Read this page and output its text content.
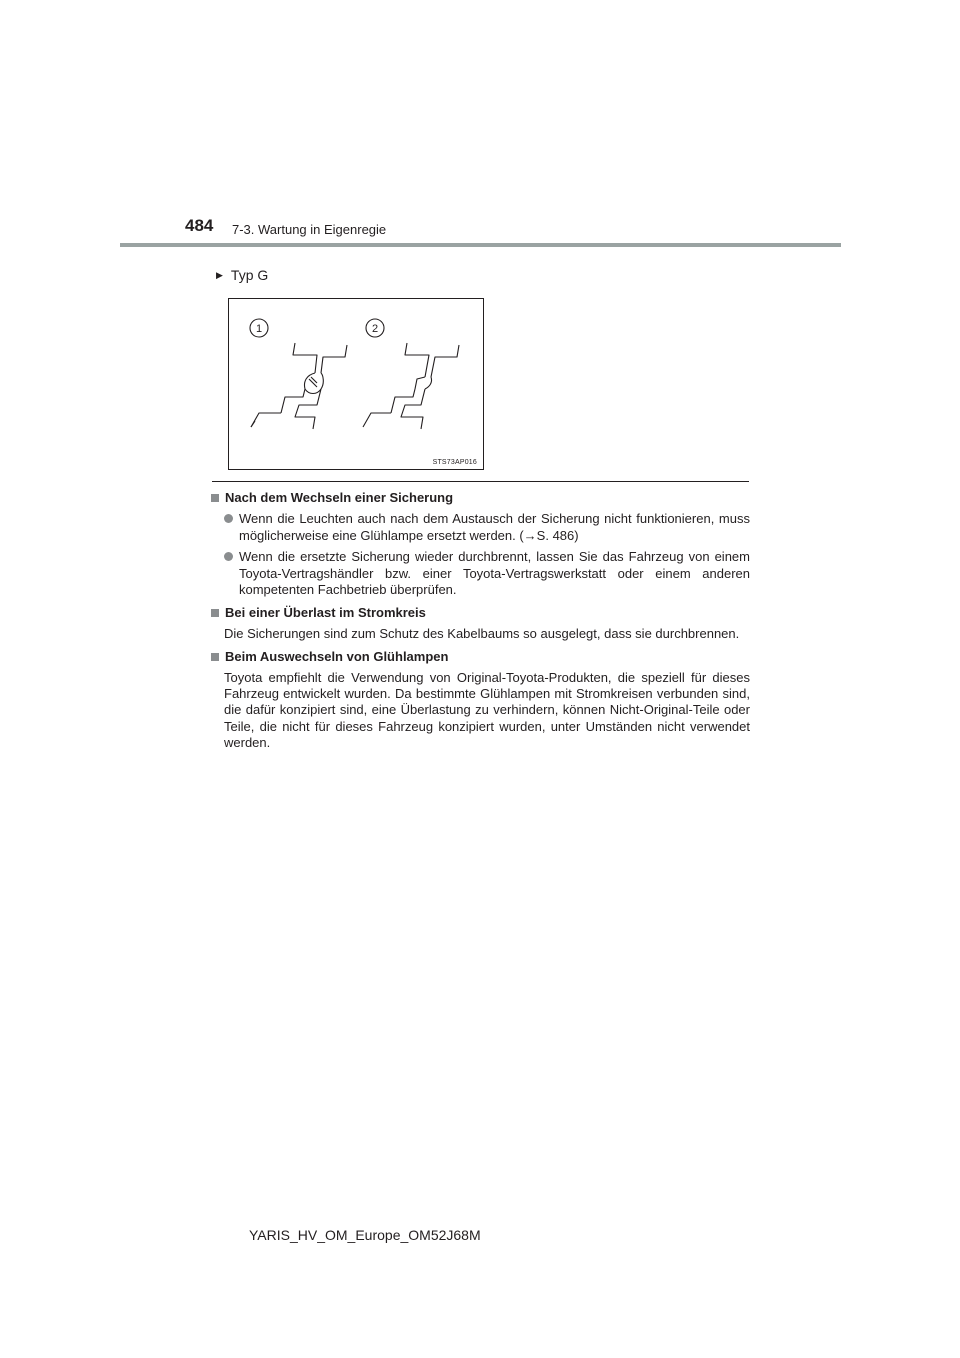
484 7-3. Wartung in Eigenregie
▶ Typ G
1	2
STS73AP016
Nach dem Wechseln einer Sicherung
Wenn die Leuchten auch nach dem Austausch der Sicherung nicht funktionieren, muss möglicherweise eine Glühlampe ersetzt werden. (→S. 486)
Wenn die ersetzte Sicherung wieder durchbrennt, lassen Sie das Fahrzeug von einem Toyota-Vertragshändler bzw. einer Toyota-Vertragswerkstatt oder einem anderen kompetenten Fachbetrieb überprüfen.
Bei einer Überlast im Stromkreis
Die Sicherungen sind zum Schutz des Kabelbaums so ausgelegt, dass sie durchbrennen.
Beim Auswechseln von Glühlampen
Toyota empfiehlt die Verwendung von Original-Toyota-Produkten, die speziell für dieses Fahrzeug entwickelt wurden. Da bestimmte Glühlampen mit Stromkreisen verbunden sind, die dafür konzipiert sind, eine Überlastung zu verhindern, können Nicht-Original-Teile oder Teile, die nicht für dieses Fahrzeug konzipiert wurden, unter Umständen nicht verwendet werden.
YARIS_HV_OM_Europe_OM52J68M
